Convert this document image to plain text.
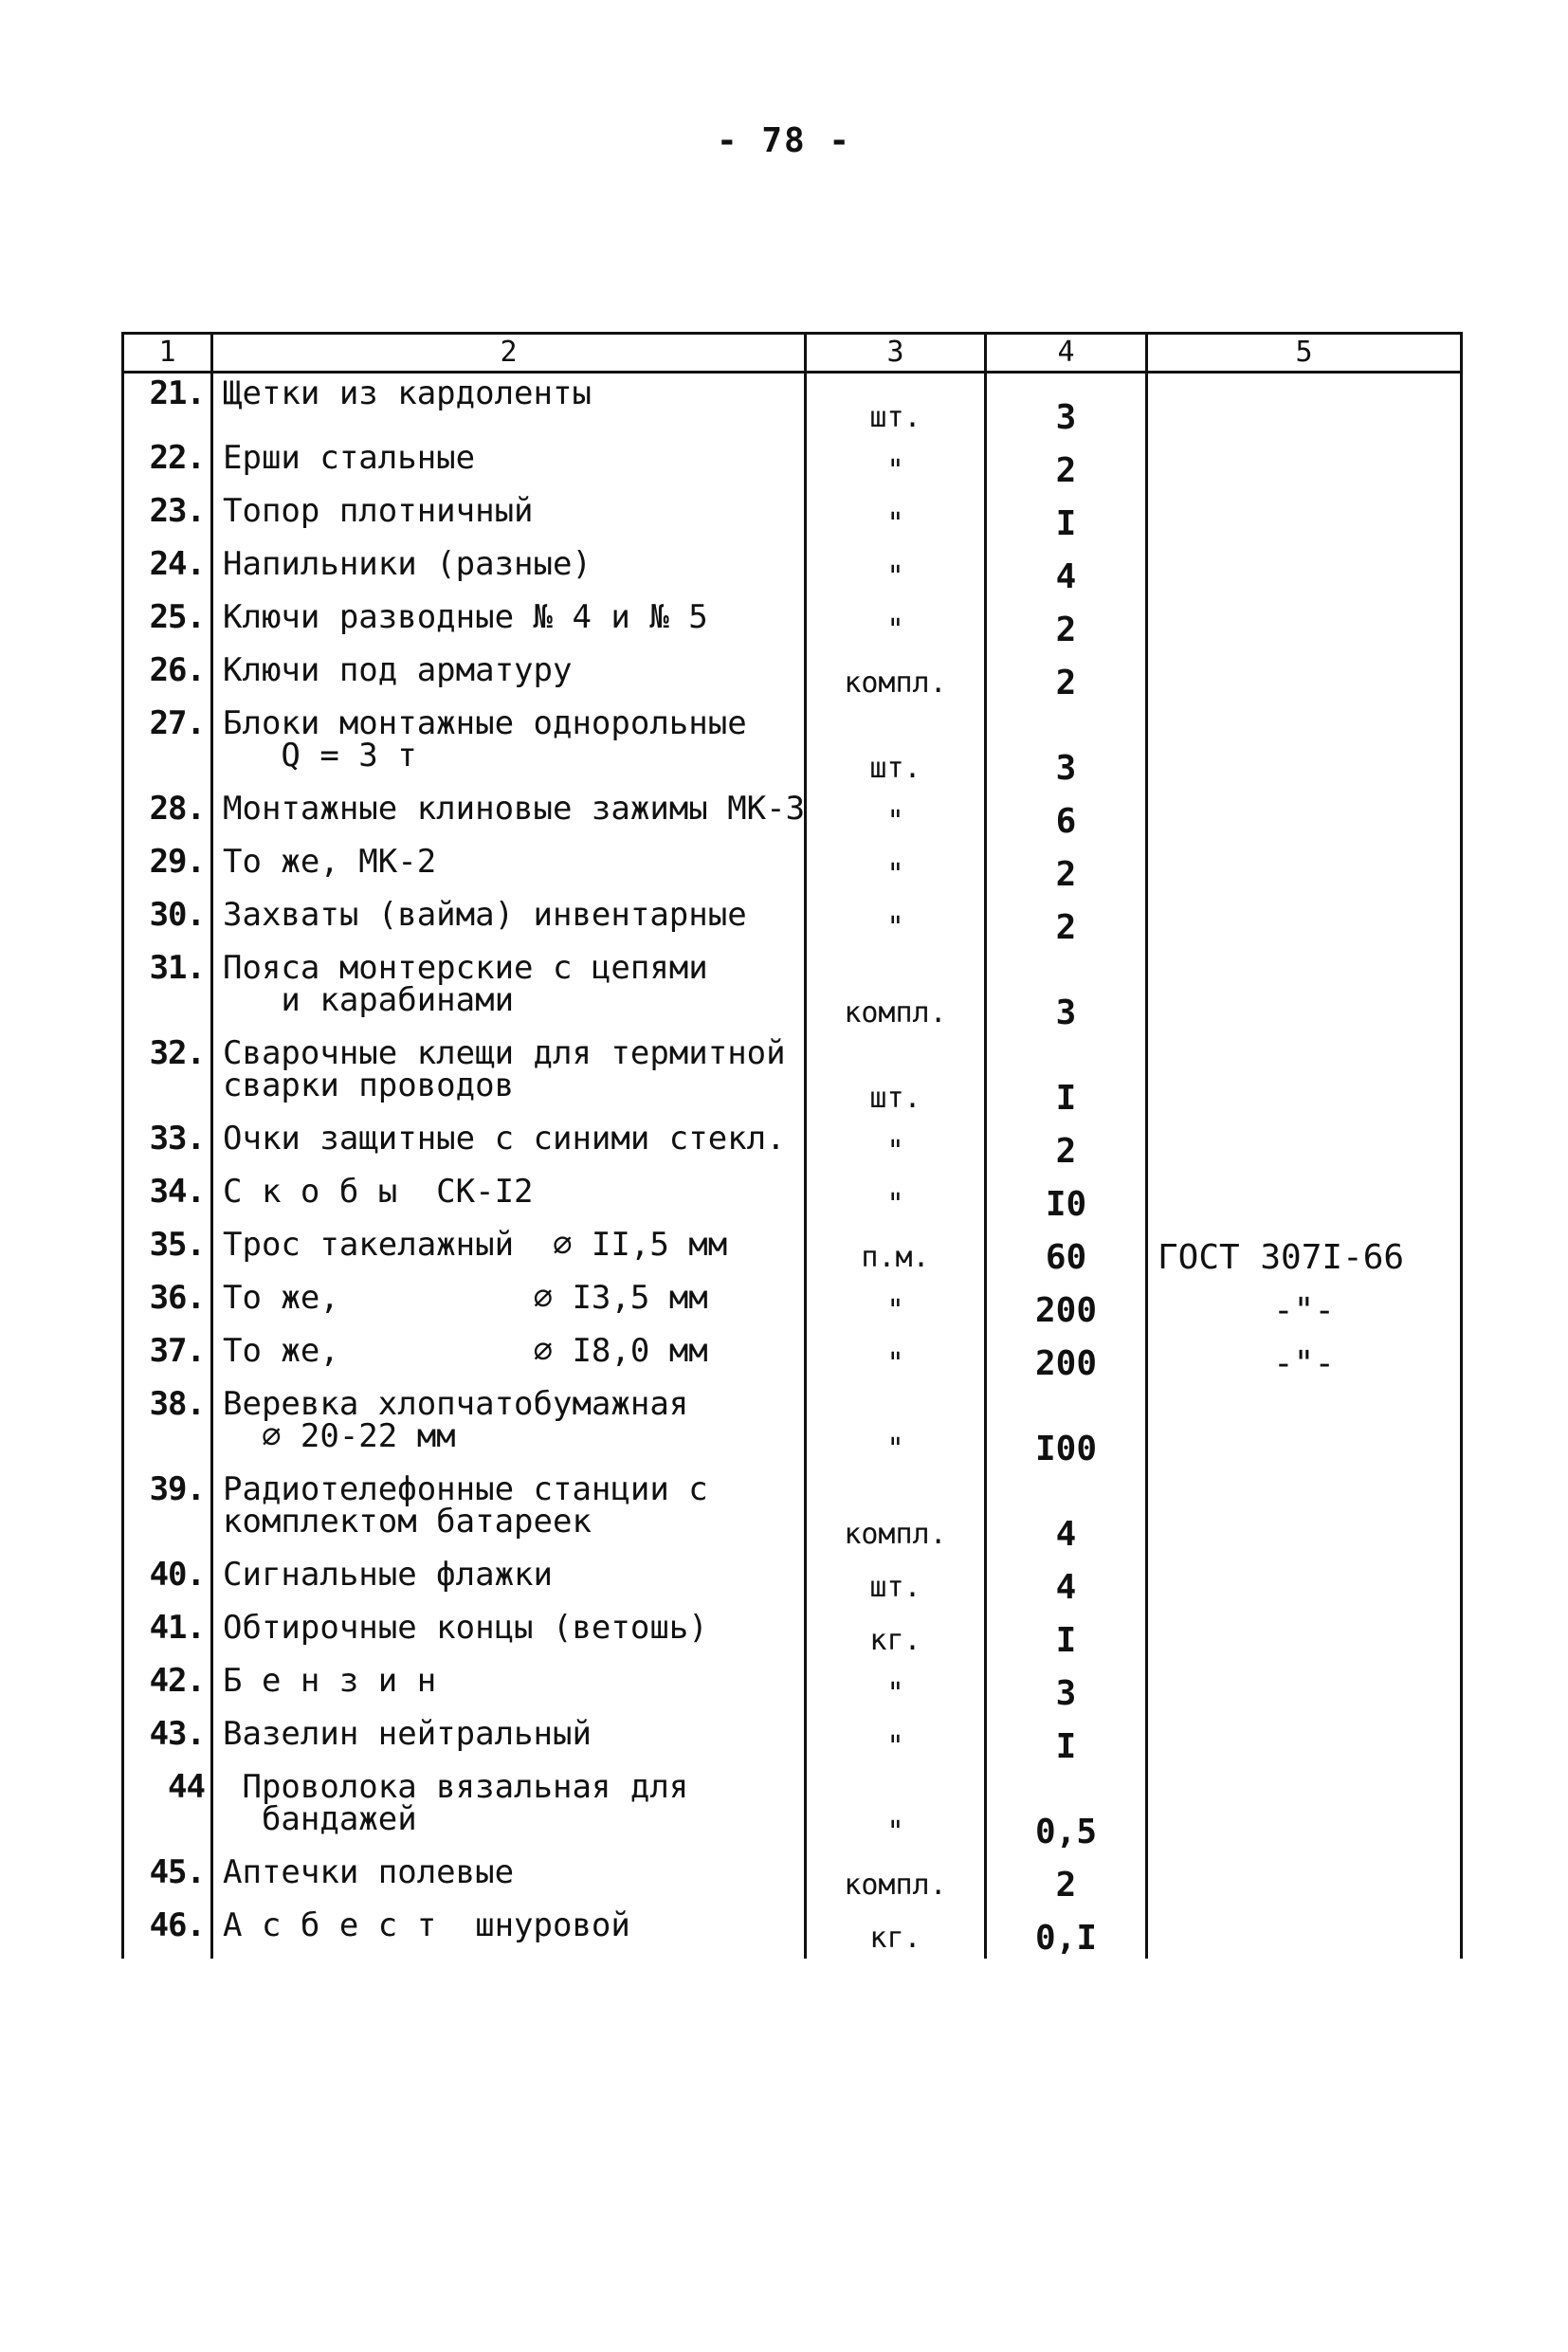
- 78 -
1	2	3	4	5
21.	Щетки из кардоленты	шт.	3	
22.	Ерши стальные	"	2	
23.	Топор плотничный	"	I	
24.	Напильники (разные)	"	4	
25.	Ключи разводные № 4 и № 5	"	2	
26.	Ключи под арматуру	компл.	2	
27.	Блоки монтажные однорольные
Q = 3 т	шт.	3	
28.	Монтажные клиновые зажимы МК-3	"	6	
29.	То же, МК-2	"	2	
30.	Захваты (вайма) инвентарные	"	2	
31.	Пояса монтерские с цепями
и карабинами	компл.	3	
32.	Сварочные клещи для термитной
сварки проводов	шт.	I	
33.	Очки защитные с синими стекл.	"	2	
34.	С к о б ы  СК-I2	"	I0	
35.	Трос такелажный  ∅ II,5 мм	п.м.	60	ГОСТ 307I-66
36.	То же,          ∅ I3,5 мм	"	200	-"-
37.	То же,          ∅ I8,0 мм	"	200	-"-
38.	Веревка хлопчатобумажная
∅ 20-22 мм	"	I00	
39.	Радиотелефонные станции с
комплектом батареек	компл.	4	
40.	Сигнальные флажки	шт.	4	
41.	Обтирочные концы (ветошь)	кг.	I	
42.	Б е н з и н	"	3	
43.	Вазелин нейтральный	"	I	
44	Проволока вязальная для
бандажей	"	0,5	
45.	Аптечки полевые	компл.	2	
46.	А с б е с т  шнуровой	кг.	0,I	
